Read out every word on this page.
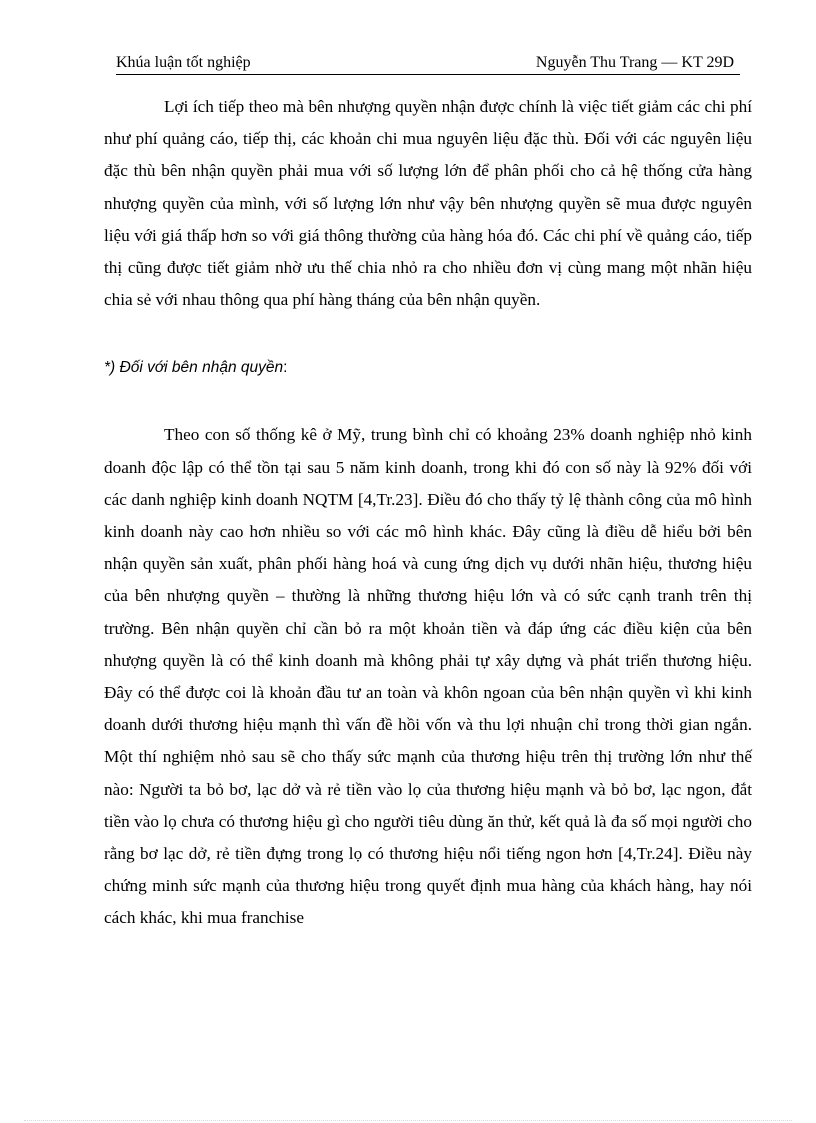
Khúa luận tốt nghiệp	Nguyễn Thu Trang — KT 29D

Lợi ích tiếp theo mà bên nhượng quyền nhận được chính là việc tiết giảm các chi phí như phí quảng cáo, tiếp thị, các khoản chi mua nguyên liệu đặc thù. Đối với các nguyên liệu đặc thù bên nhận quyền phải mua với số lượng lớn để phân phối cho cả hệ thống cửa hàng nhượng quyền của mình, với số lượng lớn như vậy bên nhượng quyền sẽ mua được nguyên liệu với giá thấp hơn so với giá thông thường của hàng hóa đó. Các chi phí về quảng cáo, tiếp thị cũng được tiết giảm nhờ ưu thế chia nhỏ ra cho nhiều đơn vị cùng mang một nhãn hiệu chia sẻ với nhau thông qua phí hàng tháng của bên nhận quyền.

*) Đối với bên nhận quyền:

Theo con số thống kê ở Mỹ, trung bình chỉ có khoảng 23% doanh nghiệp nhỏ kinh doanh độc lập có thể tồn tại sau 5 năm kinh doanh, trong khi đó con số này là 92% đối với các danh nghiệp kinh doanh NQTM [4,Tr.23]. Điều đó cho thấy tỷ lệ thành công của mô hình kinh doanh này cao hơn nhiều so với các mô hình khác. Đây cũng là điều dễ hiểu bởi bên nhận quyền sản xuất, phân phối hàng hoá và cung ứng dịch vụ dưới nhãn hiệu, thương hiệu của bên nhượng quyền – thường là những thương hiệu lớn và có sức cạnh tranh trên thị trường. Bên nhận quyền chỉ cần bỏ ra một khoản tiền và đáp ứng các điều kiện của bên nhượng quyền là có thể kinh doanh mà không phải tự xây dựng và phát triển thương hiệu. Đây có thể được coi là khoản đầu tư an toàn và khôn ngoan của bên nhận quyền vì khi kinh doanh dưới thương hiệu mạnh thì vấn đề hồi vốn và thu lợi nhuận chỉ trong thời gian ngắn. Một thí nghiệm nhỏ sau sẽ cho thấy sức mạnh của thương hiệu trên thị trường lớn như thế nào: Người ta bỏ bơ, lạc dở và rẻ tiền vào lọ của thương hiệu mạnh và bỏ bơ, lạc ngon, đắt tiền vào lọ chưa có thương hiệu gì cho người tiêu dùng ăn thử, kết quả là đa số mọi người cho rằng bơ lạc dở, rẻ tiền đựng trong lọ có thương hiệu nổi tiếng ngon hơn [4,Tr.24]. Điều này chứng minh sức mạnh của thương hiệu trong quyết định mua hàng của khách hàng, hay nói cách khác, khi mua franchise
